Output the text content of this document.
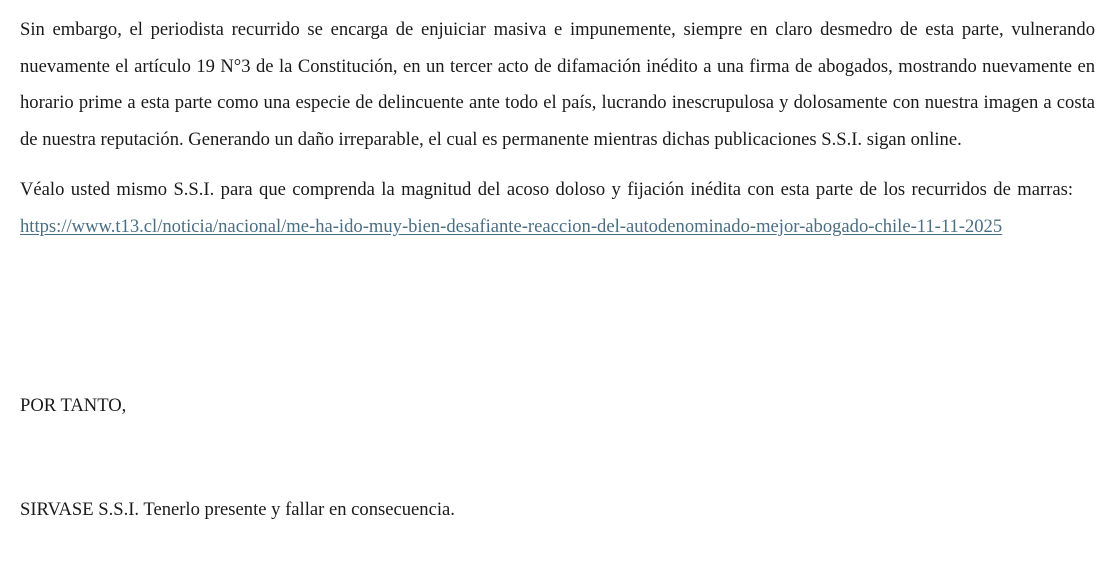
Sin embargo, el periodista recurrido se encarga de enjuiciar masiva e impunemente, siempre en claro desmedro de esta parte, vulnerando nuevamente el artículo 19 N°3 de la Constitución, en un tercer acto de difamación inédito a una firma de abogados, mostrando nuevamente en horario prime a esta parte como una especie de delincuente ante todo el país, lucrando inescrupulosa y dolosamente con nuestra imagen a costa de nuestra reputación. Generando un daño irreparable, el cual es permanente mientras dichas publicaciones S.S.I. sigan online.

Véalo usted mismo S.S.I. para que comprenda la magnitud del acoso doloso y fijación inédita con esta parte de los recurridos de marras: https://www.t13.cl/noticia/nacional/me-ha-ido-muy-bien-desafiante-reaccion-del-autodenominado-mejor-abogado-chile-11-11-2025

POR TANTO,

SIRVASE S.S.I. Tenerlo presente y fallar en consecuencia.
